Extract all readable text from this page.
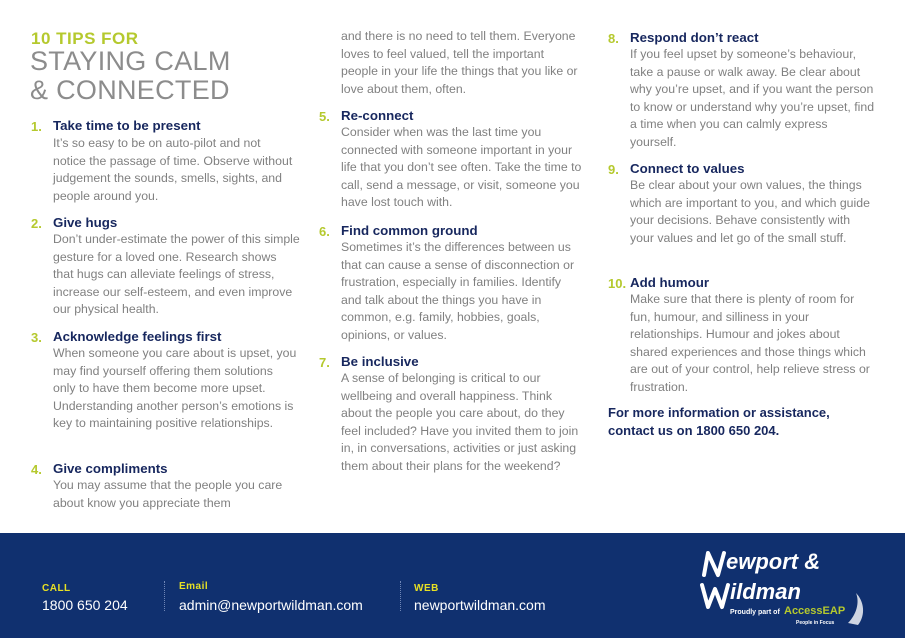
10 TIPS FOR
STAYING CALM
& CONNECTED
1. Take time to be present
It’s so easy to be on auto-pilot and not notice the passage of time. Observe without judgement the sounds, smells, sights, and people around you.
2. Give hugs
Don’t under-estimate the power of this simple gesture for a loved one. Research shows that hugs can alleviate feelings of stress, increase our self-esteem, and even improve our physical health.
3. Acknowledge feelings first
When someone you care about is upset, you may find yourself offering them solutions only to have them become more upset. Understanding another person’s emotions is key to maintaining positive relationships.
4. Give compliments
You may assume that the people you care about know you appreciate them
and there is no need to tell them. Everyone loves to feel valued, tell the important people in your life the things that you like or love about them, often.
5. Re-connect
Consider when was the last time you connected with someone important in your life that you don’t see often. Take the time to call, send a message, or visit, someone you have lost touch with.
6. Find common ground
Sometimes it’s the differences between us that can cause a sense of disconnection or frustration, especially in families. Identify and talk about the things you have in common, e.g. family, hobbies, goals, opinions, or values.
7. Be inclusive
A sense of belonging is critical to our wellbeing and overall happiness. Think about the people you care about, do they feel included? Have you invited them to join in, in conversations, activities or just asking them about their plans for the weekend?
8. Respond don’t react
If you feel upset by someone’s behaviour, take a pause or walk away. Be clear about why you’re upset, and if you want the person to know or understand why you’re upset, find a time when you can calmly express yourself.
9. Connect to values
Be clear about your own values, the things which are important to you, and which guide your decisions. Behave consistently with your values and let go of the small stuff.
10. Add humour
Make sure that there is plenty of room for fun, humour, and silliness in your relationships. Humour and jokes about shared experiences and those things which are out of your control, help relieve stress or frustration.
For more information or assistance, contact us on 1800 650 204.
CALL
1800 650 204
Email
admin@newportwildman.com
WEB
newportwildman.com
ewport &
ildman
Proudly part of AccessEAP
People in Focus
